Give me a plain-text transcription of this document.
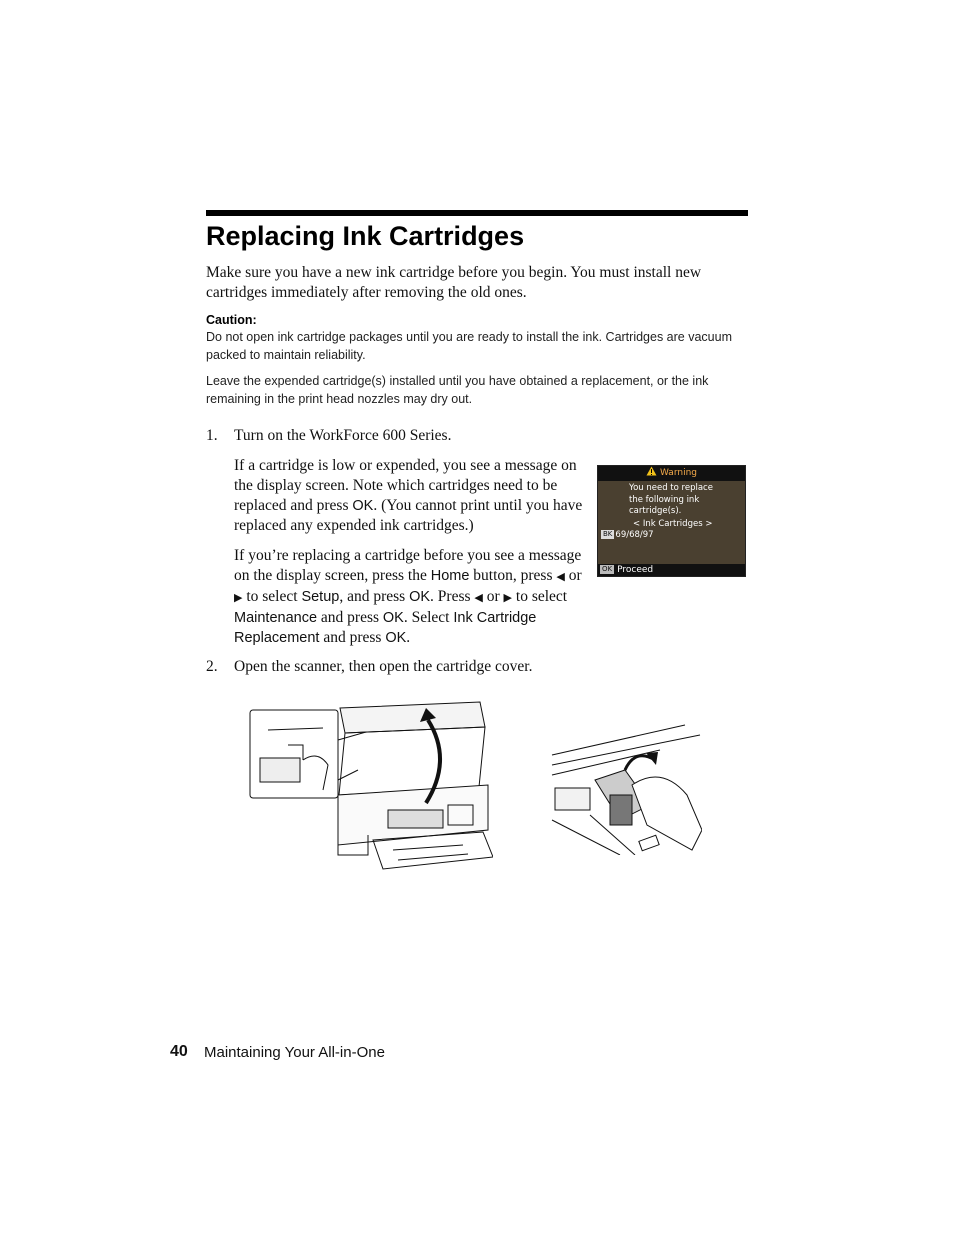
Replacing Ink Cartridges

Make sure you have a new ink cartridge before you begin. You must install new cartridges immediately after removing the old ones.

Caution:

Do not open ink cartridge packages until you are ready to install the ink. Cartridges are vacuum packed to maintain reliability.

Leave the expended cartridge(s) installed until you have obtained a replacement, or the ink remaining in the print head nozzles may dry out.

1. Turn on the WorkForce 600 Series.

If a cartridge is low or expended, you see a message on the display screen. Note which cartridges need to be replaced and press OK. (You cannot print until you have replaced any expended ink cartridges.)

If you’re replacing a cartridge before you see a message on the display screen, press the Home button, press ◀ or ▶ to select Setup, and press OK. Press ◀ or ▶ to select Maintenance and press OK. Select Ink Cartridge Replacement and press OK.

Warning
You need to replace
the following ink
cartridge(s).
< Ink Cartridges >
BK 69/68/97
OK Proceed
2. Open the scanner, then open the cartridge cover.
40 Maintaining Your All-in-One
